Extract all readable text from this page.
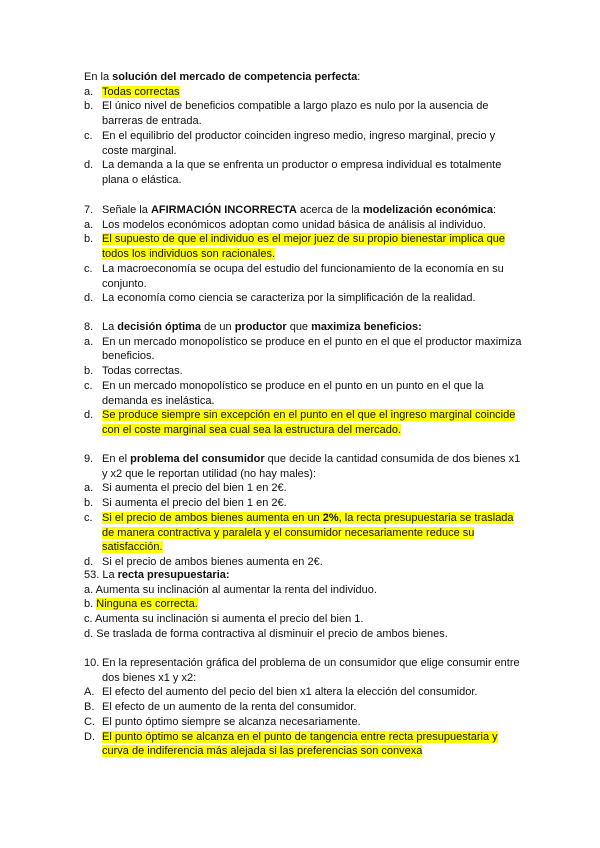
En la solución del mercado de competencia perfecta:
a. Todas correctas
b. El único nivel de beneficios compatible a largo plazo es nulo por la ausencia de barreras de entrada.
c. En el equilibrio del productor coinciden ingreso medio, ingreso marginal, precio y coste marginal.
d. La demanda a la que se enfrenta un productor o empresa individual es totalmente plana o elástica.
7. Señale la AFIRMACIÓN INCORRECTA acerca de la modelización económica:
a. Los modelos económicos adoptan como unidad básica de análisis al individuo.
b. El supuesto de que el individuo es el mejor juez de su propio bienestar implica que todos los individuos son racionales.
c. La macroeconomía se ocupa del estudio del funcionamiento de la economía en su conjunto.
d. La economía como ciencia se caracteriza por la simplificación de la realidad.
8. La decisión óptima de un productor que maximiza beneficios:
a. En un mercado monopolístico se produce en el punto en el que el productor maximiza beneficios.
b. Todas correctas.
c. En un mercado monopolístico se produce en el punto en un punto en el que la demanda es inelástica.
d. Se produce siempre sin excepción en el punto en el que el ingreso marginal coincide con el coste marginal sea cual sea la estructura del mercado.
9. En el problema del consumidor que decide la cantidad consumida de dos bienes x1 y x2 que le reportan utilidad (no hay males):
a. Si aumenta el precio del bien 1 en 2€.
b. Si aumenta el precio del bien 1 en 2€.
c. Si el precio de ambos bienes aumenta en un 2%, la recta presupuestaria se traslada de manera contractiva y paralela y el consumidor necesariamente reduce su satisfacción.
d. Si el precio de ambos bienes aumenta en 2€.
53. La recta presupuestaria:
a. Aumenta su inclinación al aumentar la renta del individuo.
b. Ninguna es correcta.
c. Aumenta su inclinación si aumenta el precio del bien 1.
d. Se traslada de forma contractiva al disminuir el precio de ambos bienes.
10. En la representación gráfica del problema de un consumidor que elige consumir entre dos bienes x1 y x2:
A. El efecto del aumento del pecio del bien x1 altera la elección del consumidor.
B. El efecto de un aumento de la renta del consumidor.
C. El punto óptimo siempre se alcanza necesariamente.
D. El punto óptimo se alcanza en el punto de tangencia entre recta presupuestaria y curva de indiferencia más alejada si las preferencias son convexa
